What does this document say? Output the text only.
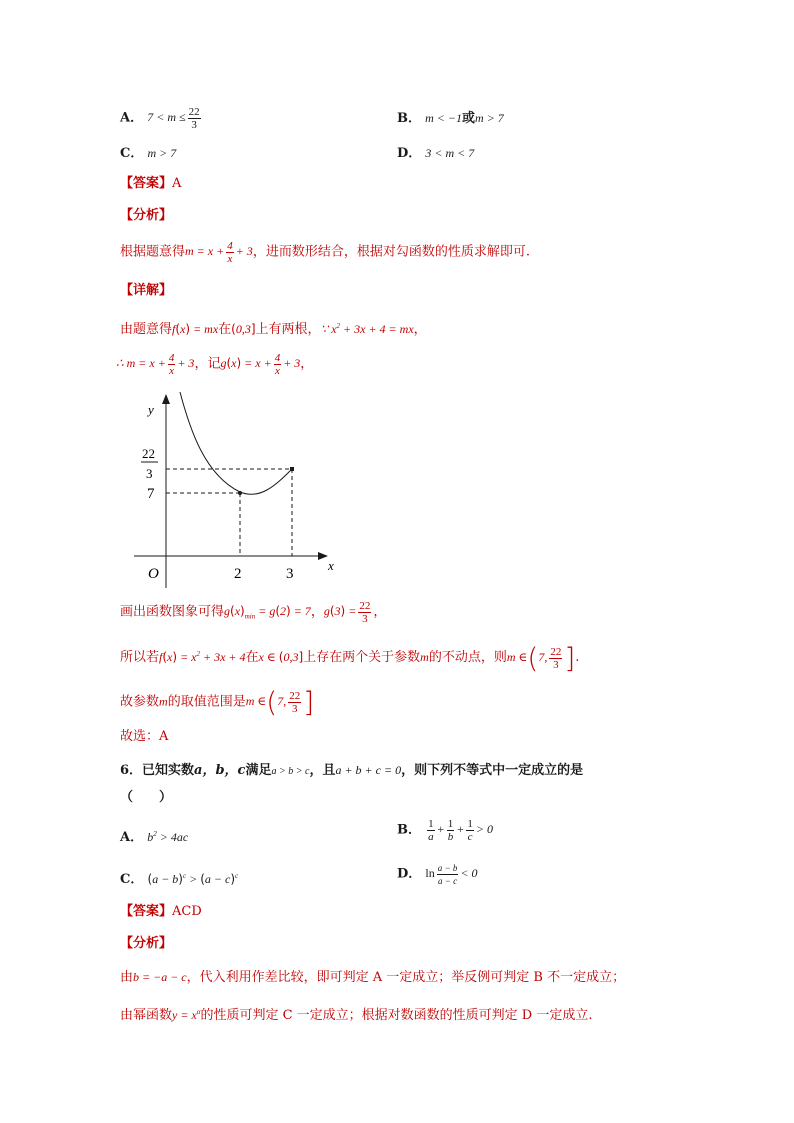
A． $7 < m \le \frac{22}{3}$	B． m < −1或m > 7
C． m > 7	D． 3 < m < 7
【答案】A
【分析】
根据题意得$m = x + \frac{4}{x} + 3$，进而数形结合，根据对勾函数的性质求解即可.
【详解】
由题意得f(x) = mx在(0,3]上有两根，∵ $x^2 + 3x + 4$ = mx，
∴ $m = x + \frac{4}{x} + 3$，记$g(x) = x + \frac{4}{x} + 3$，
y
x
O
22
3
7
2	3
画出函数图象可得$g(x)_{min} = g(2) = 7$，$g(3) = \frac{22}{3}$ ，
所以若$f(x) = x^2 + 3x + 4$在x ∈ (0,3]上存在两个关于参数m的不动点，则m ∈(7, $\frac{22}{3}$ ].
故参数m的取值范围是m ∈(7, $\frac{22}{3}$ ]
故选：A
6．已知实数a，b，c满足a > b > c，且a + b + c = 0，则下列不等式中一定成立的是
（　　）
A． $b^2 > 4ac$	B． $\frac{1}{a} + \frac{1}{b} + \frac{1}{c} > 0$
C． $(a - b)^c > (a - c)^c$	D． $\ln \frac{a - b}{a - c} < 0$
【答案】ACD
【分析】
由b = −a − c，代入利用作差比较，即可判定 A 一定成立；举反例可判定 B 不一定成立；
由幂函数$y = x^\alpha$的性质可判定 C 一定成立；根据对数函数的性质可判定 D 一定成立.
